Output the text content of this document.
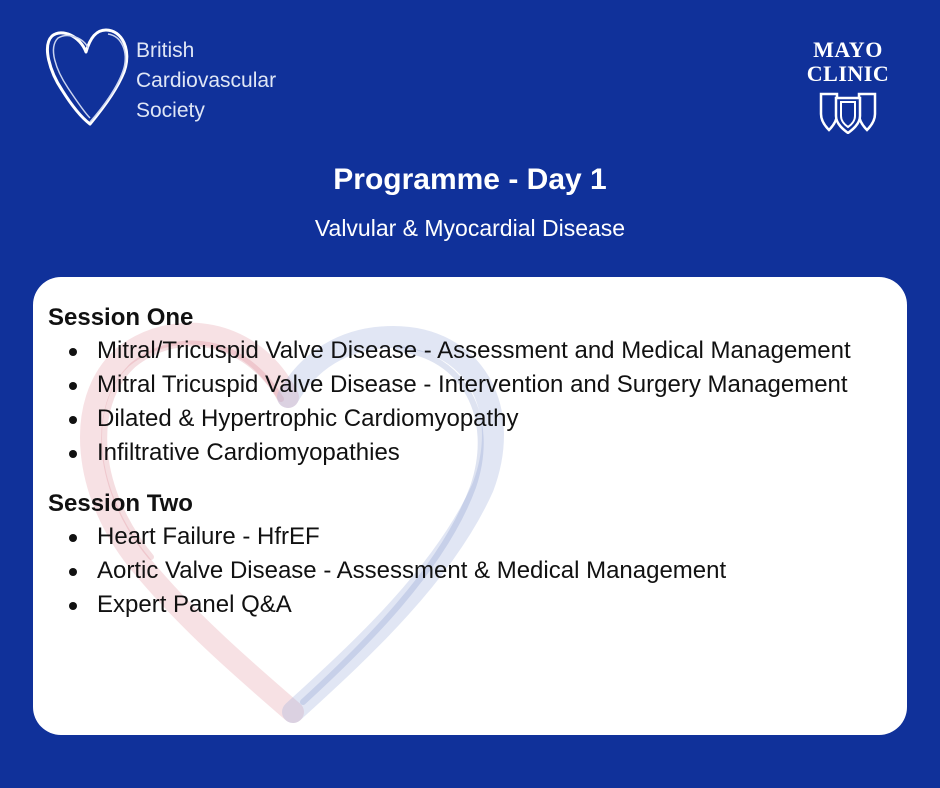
British
Cardiovascular
Society
MAYO
CLINIC
Programme - Day 1
Valvular & Myocardial Disease
Session One
Mitral/Tricuspid Valve Disease - Assessment and Medical Management
Mitral Tricuspid Valve Disease - Intervention and Surgery Management
Dilated & Hypertrophic Cardiomyopathy
Infiltrative Cardiomyopathies
Session Two
Heart Failure - HfrEF
Aortic Valve Disease - Assessment & Medical Management
Expert Panel Q&A
